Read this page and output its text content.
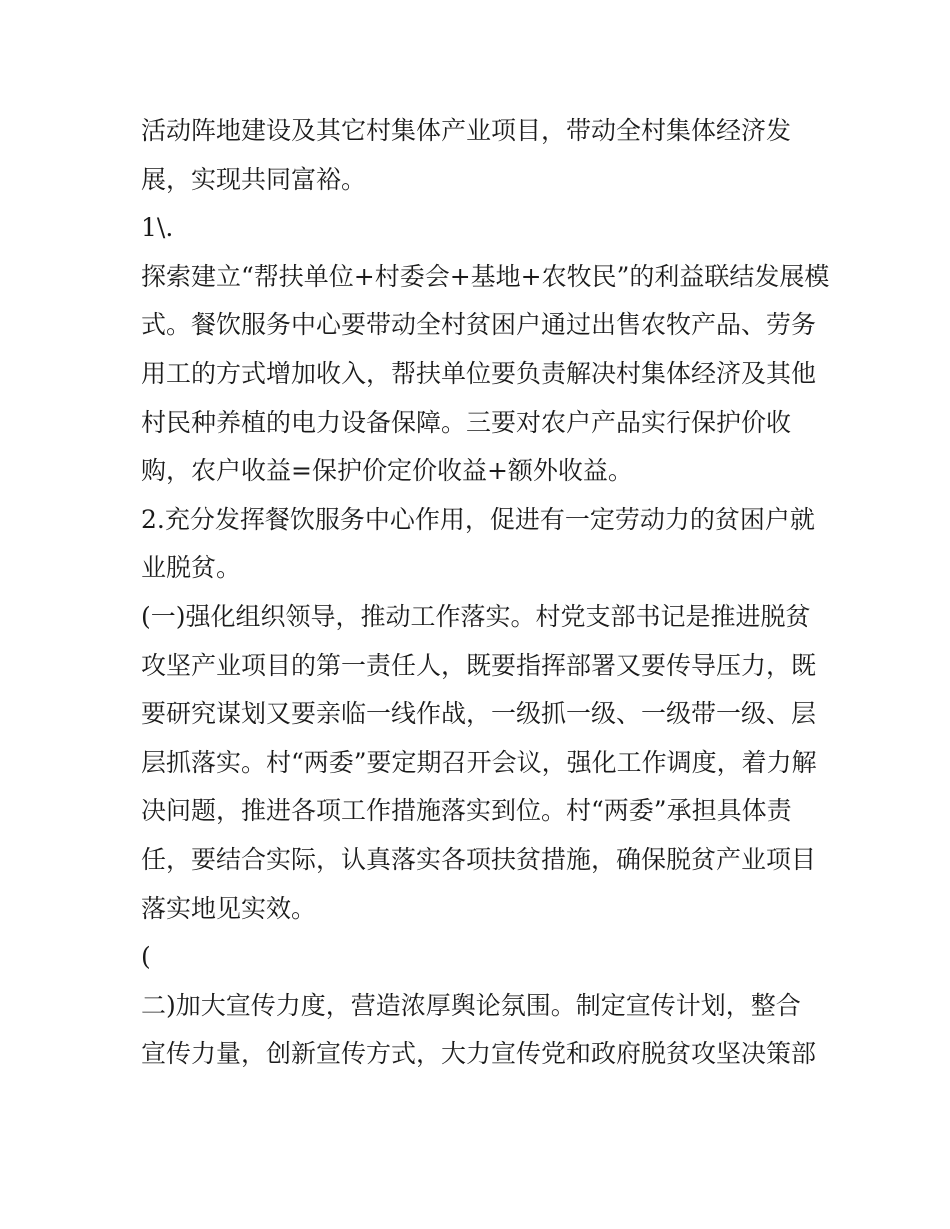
活动阵地建设及其它村集体产业项目，带动全村集体经济发
展，实现共同富裕。
1\.
探索建立“帮扶单位+村委会+基地+农牧民”的利益联结发展模
式。餐饮服务中心要带动全村贫困户通过出售农牧产品、劳务
用工的方式增加收入，帮扶单位要负责解决村集体经济及其他
村民种养植的电力设备保障。三要对农户产品实行保护价收
购，农户收益=保护价定价收益+额外收益。
2.充分发挥餐饮服务中心作用，促进有一定劳动力的贫困户就
业脱贫。
(一)强化组织领导，推动工作落实。村党支部书记是推进脱贫
攻坚产业项目的第一责任人，既要指挥部署又要传导压力，既
要研究谋划又要亲临一线作战，一级抓一级、一级带一级、层
层抓落实。村“两委”要定期召开会议，强化工作调度，着力解
决问题，推进各项工作措施落实到位。村“两委”承担具体责
任，要结合实际，认真落实各项扶贫措施，确保脱贫产业项目
落实地见实效。
(
二)加大宣传力度，营造浓厚舆论氛围。制定宣传计划，整合
宣传力量，创新宣传方式，大力宣传党和政府脱贫攻坚决策部
